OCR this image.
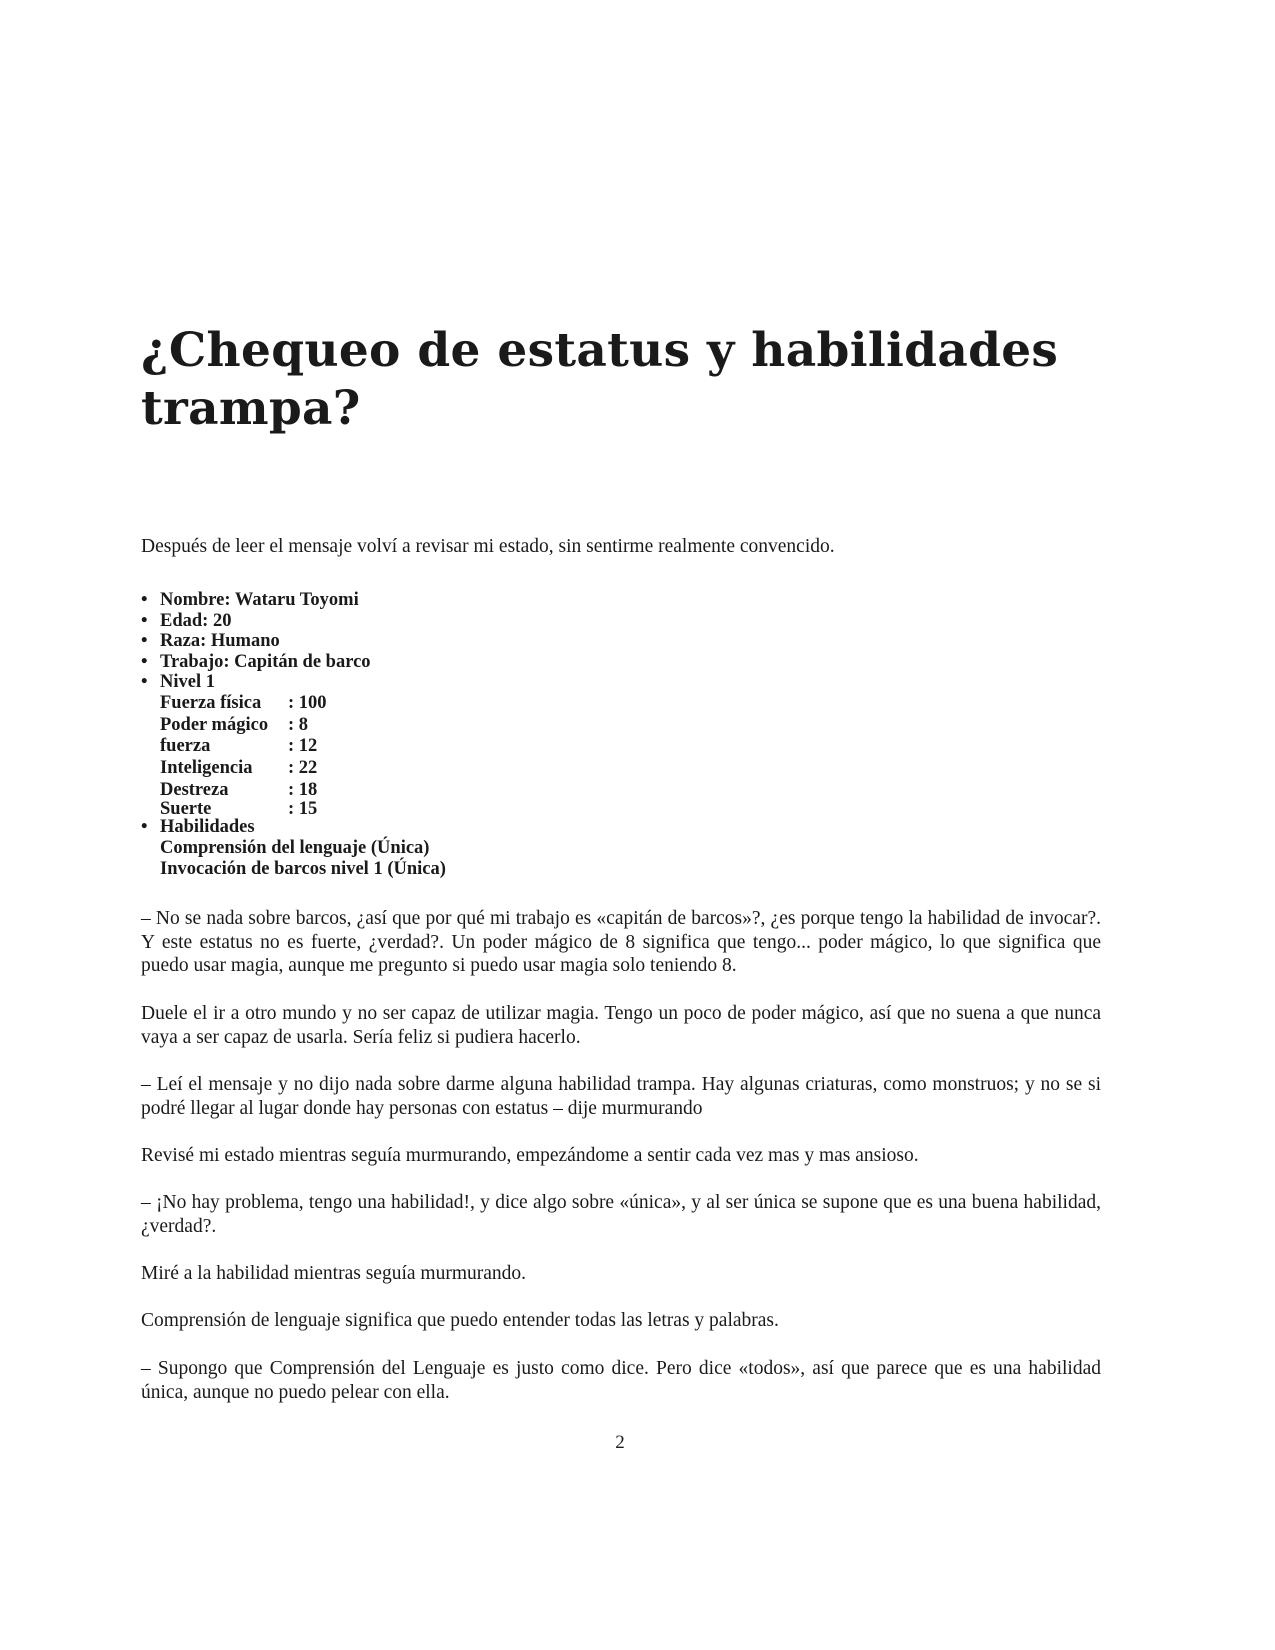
¿Chequeo de estatus y habilidades trampa?

Después de leer el mensaje volví a revisar mi estado, sin sentirme realmente convencido.

• Nombre: Wataru Toyomi
• Edad: 20
• Raza: Humano
• Trabajo: Capitán de barco
• Nivel 1
Fuerza física	: 100
Poder mágico	: 8
fuerza	: 12
Inteligencia	: 22
Destreza	: 18
Suerte	: 15
• Habilidades
Comprensión del lenguaje (Única)
Invocación de barcos nivel 1 (Única)

– No se nada sobre barcos, ¿así que por qué mi trabajo es «capitán de barcos»?, ¿es porque tengo la habilidad de invocar?. Y este estatus no es fuerte, ¿verdad?. Un poder mágico de 8 significa que tengo... poder mágico, lo que significa que puedo usar magia, aunque me pregunto si puedo usar magia solo teniendo 8.

Duele el ir a otro mundo y no ser capaz de utilizar magia. Tengo un poco de poder mágico, así que no suena a que nunca vaya a ser capaz de usarla. Sería feliz si pudiera hacerlo.

– Leí el mensaje y no dijo nada sobre darme alguna habilidad trampa. Hay algunas criaturas, como monstruos; y no se si podré llegar al lugar donde hay personas con estatus – dije murmurando

Revisé mi estado mientras seguía murmurando, empezándome a sentir cada vez mas y mas ansioso.

– ¡No hay problema, tengo una habilidad!, y dice algo sobre «única», y al ser única se supone que es una buena habilidad, ¿verdad?.

Miré a la habilidad mientras seguía murmurando.

Comprensión de lenguaje significa que puedo entender todas las letras y palabras.

– Supongo que Comprensión del Lenguaje es justo como dice. Pero dice «todos», así que parece que es una habilidad única, aunque no puedo pelear con ella.

2
